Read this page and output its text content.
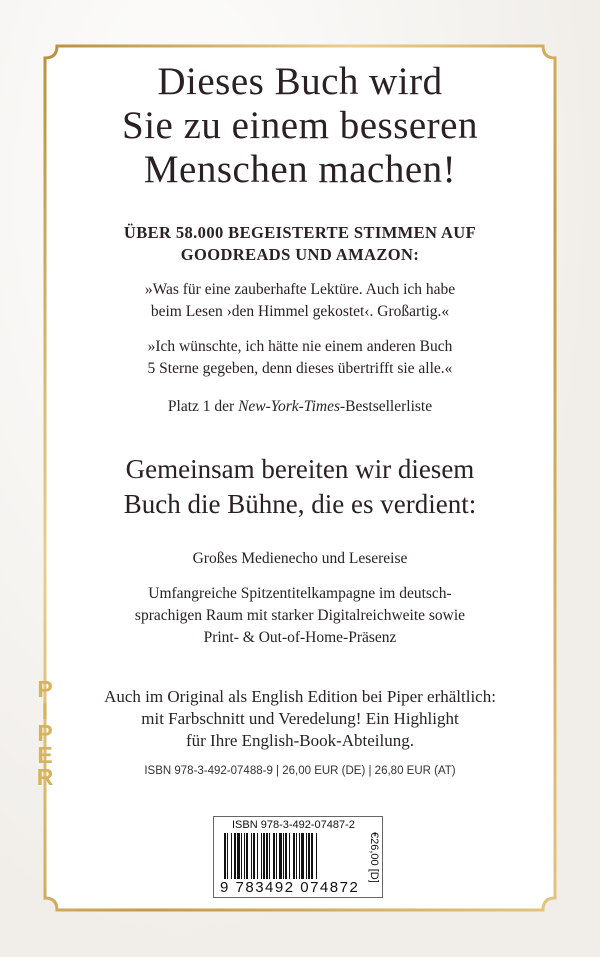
Dieses Buch wird
Sie zu einem besseren
Menschen machen!
ÜBER 58.000 BEGEISTERTE STIMMEN AUF
GOODREADS UND AMAZON:
»Was für eine zauberhafte Lektüre. Auch ich habe
beim Lesen ›den Himmel gekostet‹. Großartig.«
»Ich wünschte, ich hätte nie einem anderen Buch
5 Sterne gegeben, denn dieses übertrifft sie alle.«
Platz 1 der New-York-Times-Bestsellerliste
Gemeinsam bereiten wir diesem
Buch die Bühne, die es verdient:
Großes Medienecho und Lesereise
Umfangreiche Spitzentitelkampagne im deutsch-
sprachigen Raum mit starker Digitalreichweite sowie
Print- & Out-of-Home-Präsenz
Auch im Original als English Edition bei Piper erhältlich:
mit Farbschnitt und Veredelung! Ein Highlight
für Ihre English-Book-Abteilung.
ISBN 978-3-492-07488-9 | 26,00 EUR (DE) | 26,80 EUR (AT)
P
I
P
E
R
ISBN 978-3-492-07487-2
9 783492 074872
€26,00 [D]
